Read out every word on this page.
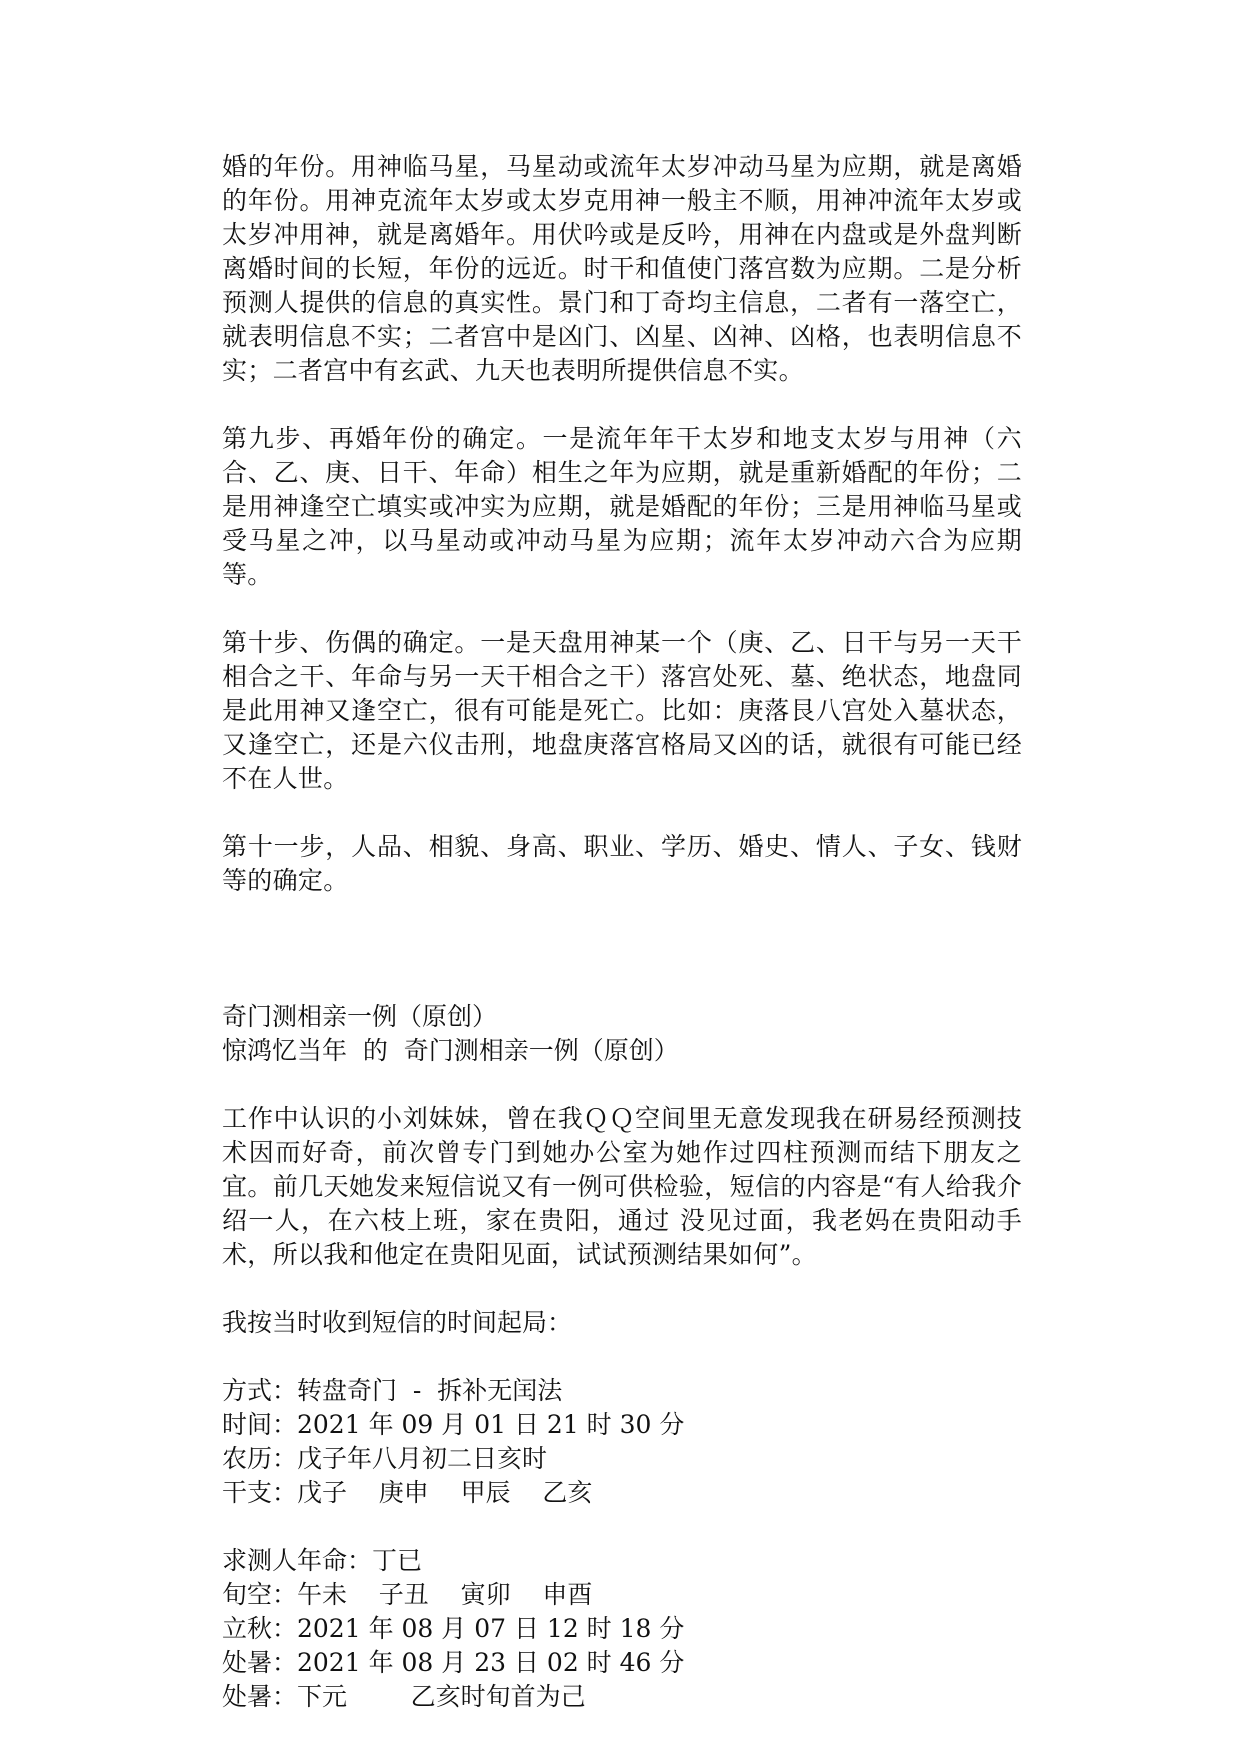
婚的年份。用神临马星，马星动或流年太岁冲动马星为应期，就是离婚的年份。用神克流年太岁或太岁克用神一般主不顺，用神冲流年太岁或太岁冲用神，就是离婚年。用伏吟或是反吟，用神在内盘或是外盘判断离婚时间的长短，年份的远近。时干和值使门落宫数为应期。二是分析预测人提供的信息的真实性。景门和丁奇均主信息，二者有一落空亡，就表明信息不实；二者宫中是凶门、凶星、凶神、凶格，也表明信息不实；二者宫中有玄武、九天也表明所提供信息不实。

第九步、再婚年份的确定。一是流年年干太岁和地支太岁与用神（六合、乙、庚、日干、年命）相生之年为应期，就是重新婚配的年份；二是用神逢空亡填实或冲实为应期，就是婚配的年份；三是用神临马星或受马星之冲，以马星动或冲动马星为应期；流年太岁冲动六合为应期等。

第十步、伤偶的确定。一是天盘用神某一个（庚、乙、日干与另一天干相合之干、年命与另一天干相合之干）落宫处死、墓、绝状态，地盘同是此用神又逢空亡，很有可能是死亡。比如：庚落艮八宫处入墓状态，又逢空亡，还是六仪击刑，地盘庚落宫格局又凶的话，就很有可能已经不在人世。

第十一步，人品、相貌、身高、职业、学历、婚史、情人、子女、钱财等的确定。

奇门测相亲一例（原创）

惊鸿忆当年  的  奇门测相亲一例（原创）

工作中认识的小刘妹妹，曾在我ＱＱ空间里无意发现我在研易经预测技术因而好奇，前次曾专门到她办公室为她作过四柱预测而结下朋友之宜。前几天她发来短信说又有一例可供检验，短信的内容是“有人给我介绍一人，在六枝上班，家在贵阳，通过 没见过面，我老妈在贵阳动手术，所以我和他定在贵阳见面，试试预测结果如何”。

我按当时收到短信的时间起局：

方式：转盘奇门  -  拆补无闰法

时间：2021 年 09 月 01 日 21 时 30 分

农历：戊子年八月初二日亥时

干支：戊子    庚申    甲辰    乙亥

求测人年命：丁已

旬空：午未    子丑    寅卯    申酉

立秋：2021 年 08 月 07 日 12 时 18 分

处暑：2021 年 08 月 23 日 02 时 46 分

处暑：下元        乙亥时旬首为己
